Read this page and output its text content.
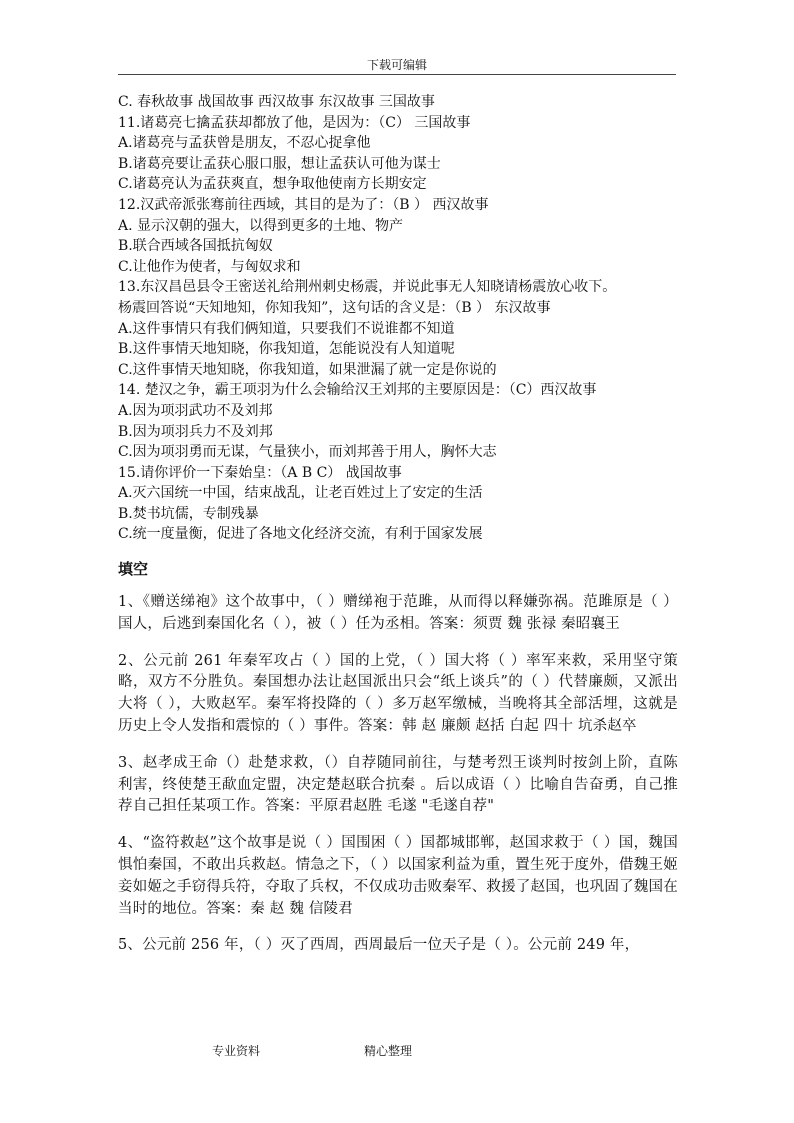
下载可编辑
C. 春秋故事 战国故事 西汉故事 东汉故事 三国故事
11.诸葛亮七擒孟获却都放了他，是因为：（C） 三国故事
A.诸葛亮与孟获曾是朋友，不忍心捉拿他
B.诸葛亮要让孟获心服口服，想让孟获认可他为谋士
C.诸葛亮认为孟获爽直，想争取他使南方长期安定
12.汉武帝派张骞前往西域，其目的是为了：（B ） 西汉故事
A. 显示汉朝的强大，以得到更多的土地、物产
B.联合西域各国抵抗匈奴
C.让他作为使者，与匈奴求和
13.东汉昌邑县令王密送礼给荆州刺史杨震，并说此事无人知晓请杨震放心收下。
杨震回答说“天知地知，你知我知”，这句话的含义是：（B ） 东汉故事
A.这件事情只有我们俩知道，只要我们不说谁都不知道
B.这件事情天地知晓，你我知道，怎能说没有人知道呢
C.这件事情天地知晓，你我知道，如果泄漏了就一定是你说的
14. 楚汉之争，霸王项羽为什么会输给汉王刘邦的主要原因是：（C）西汉故事
A.因为项羽武功不及刘邦
B.因为项羽兵力不及刘邦
C.因为项羽勇而无谋，气量狭小，而刘邦善于用人，胸怀大志
15.请你评价一下秦始皇：（A B C） 战国故事
A.灭六国统一中国，结束战乱，让老百姓过上了安定的生活
B.焚书坑儒，专制残暴
C.统一度量衡，促进了各地文化经济交流，有利于国家发展
填空
1、《赠送绨袍》这个故事中，（ ）赠绨袍于范雎，从而得以释嫌弥祸。范雎原是（ ）国人，后逃到秦国化名（ ），被（ ）任为丞相。答案：须贾 魏 张禄 秦昭襄王
2、公元前 261 年秦军攻占（ ）国的上党，（ ）国大将（ ）率军来救，采用坚守策略，双方不分胜负。秦国想办法让赵国派出只会“纸上谈兵”的（ ）代替廉颇，又派出大将（ ），大败赵军。秦军将投降的（ ）多万赵军缴械，当晚将其全部活埋，这就是历史上令人发指和震惊的（ ）事件。答案：韩 赵 廉颇 赵括 白起 四十 坑杀赵卒
3、赵孝成王命（）赴楚求救，（）自荐随同前往，与楚考烈王谈判时按剑上阶，直陈利害，终使楚王歃血定盟，决定楚赵联合抗秦 。后以成语（ ）比喻自告奋勇，自己推荐自己担任某项工作。答案：平原君赵胜 毛遂 "毛遂自荐"
4、“盗符救赵”这个故事是说（ ）国围困（ ）国都城邯郸，赵国求救于（ ）国，魏国惧怕秦国，不敢出兵救赵。情急之下，（ ）以国家利益为重，置生死于度外，借魏王姬妾如姬之手窃得兵符，夺取了兵权，不仅成功击败秦军、救援了赵国，也巩固了魏国在当时的地位。答案：秦 赵 魏 信陵君
5、公元前 256 年，（ ）灭了西周，西周最后一位天子是（ ）。公元前 249 年，
专业资料	精心整理
